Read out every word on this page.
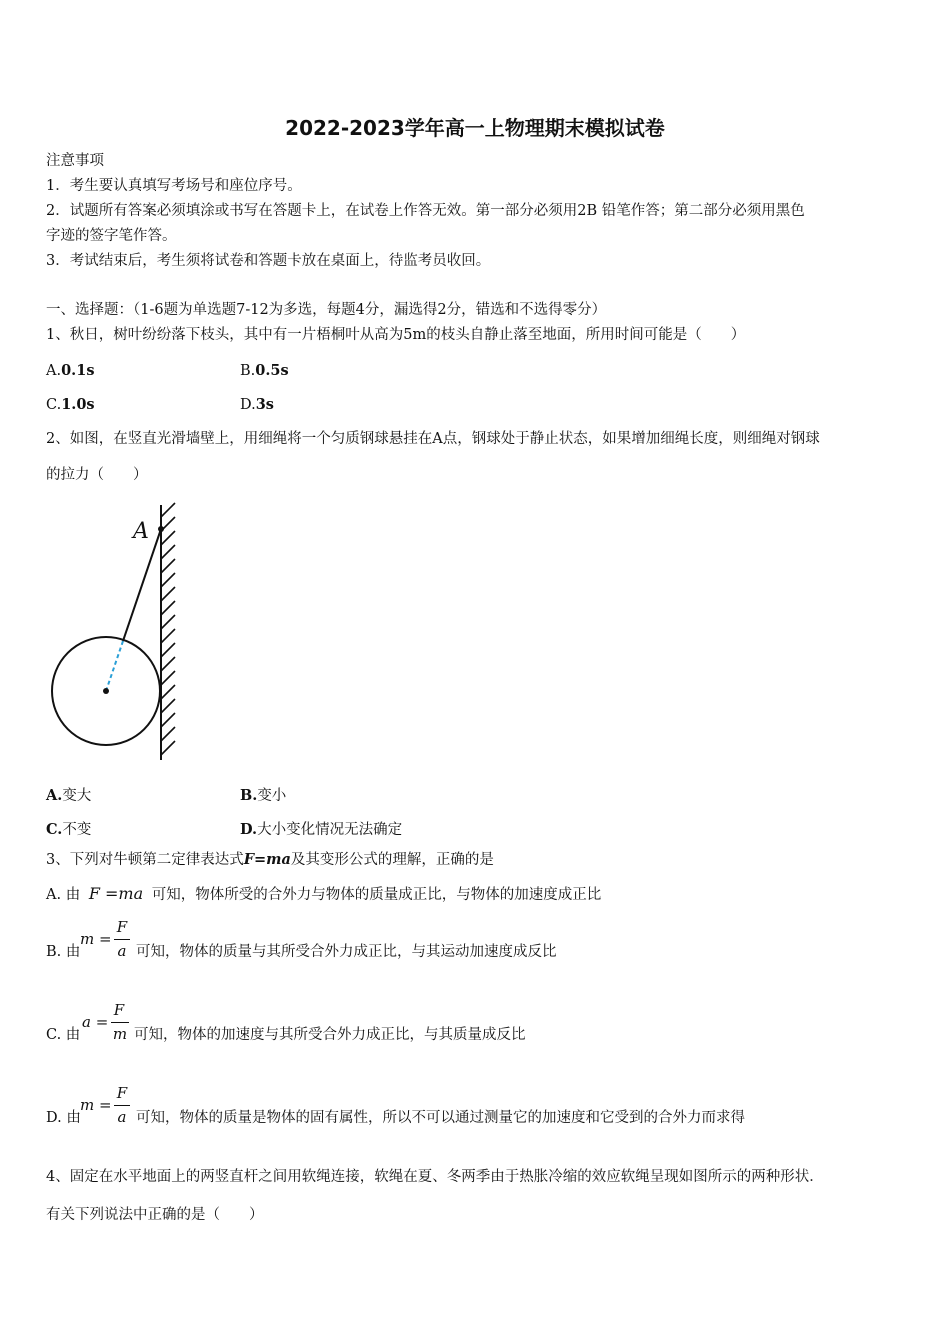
2022-2023学年高一上物理期末模拟试卷
注意事项
1．考生要认真填写考场号和座位序号。
2．试题所有答案必须填涂或书写在答题卡上，在试卷上作答无效。第一部分必须用2B 铅笔作答；第二部分必须用黑色
字迹的签字笔作答。
3．考试结束后，考生须将试卷和答题卡放在桌面上，待监考员收回。
一、选择题：（1-6题为单选题7-12为多选，每题4分，漏选得2分，错选和不选得零分）
1、秋日，树叶纷纷落下枝头，其中有一片梧桐叶从高为5m的枝头自静止落至地面，所用时间可能是（　　）
A.0.1s	B.0.5s
C.1.0s	D.3s
2、如图，在竖直光滑墙壁上，用细绳将一个匀质钢球悬挂在A点，钢球处于静止状态，如果增加细绳长度，则细绳对钢球
的拉力（　　）
A
A.变大	B.变小
C.不变	D.大小变化情况无法确定
3、下列对牛顿第二定律表达式F=ma及其变形公式的理解，正确的是
A. 由 F =ma 可知，物体所受的合外力与物体的质量成正比，与物体的加速度成正比
B. 由
m =
F
a 可知，物体的质量与其所受合外力成正比，与其运动加速度成反比
C. 由
a =
F
m 可知，物体的加速度与其所受合外力成正比，与其质量成反比
D. 由
m =
F
a 可知，物体的质量是物体的固有属性，所以不可以通过测量它的加速度和它受到的合外力而求得
4、固定在水平地面上的两竖直杆之间用软绳连接，软绳在夏、冬两季由于热胀冷缩的效应软绳呈现如图所示的两种形状．
有关下列说法中正确的是（　　）
